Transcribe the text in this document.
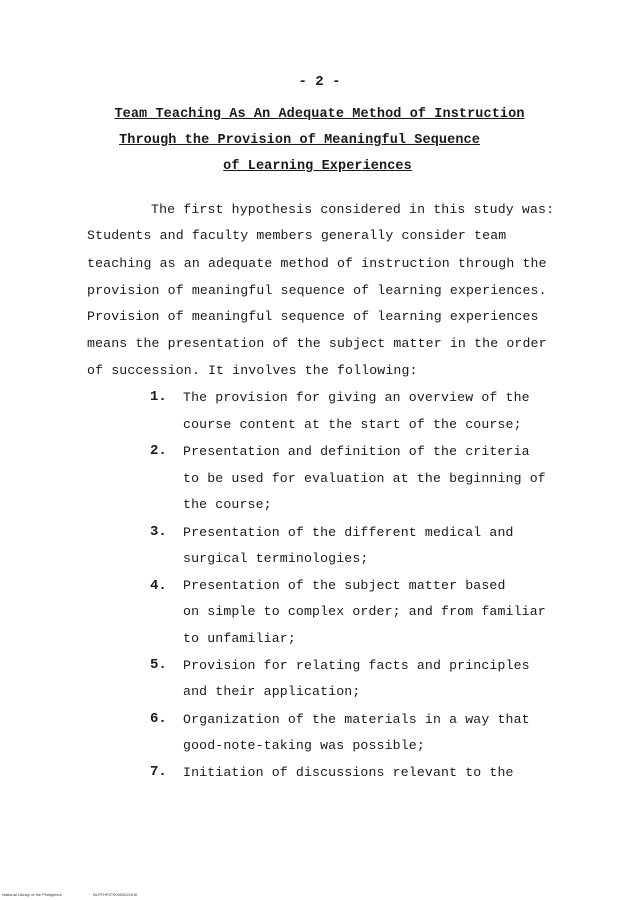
- 2 -
Team Teaching As An Adequate Method of Instruction
Through the Provision of Meaningful Sequence
of Learning Experiences
The first hypothesis considered in this study was:
Students and faculty members generally consider team
teaching as an adequate method of instruction through the
provision of meaningful sequence of learning experiences.
Provision of meaningful sequence of learning experiences
means the presentation of the subject matter in the order
of succession. It involves the following:
1. The provision for giving an overview of the
course content at the start of the course;
2. Presentation and definition of the criteria
to be used for evaluation at the beginning of
the course;
3. Presentation of the different medical and
surgical terminologies;
4. Presentation of the subject matter based
on simple to complex order; and from familiar
to unfamiliar;
5. Provision for relating facts and principles
and their application;
6. Organization of the materials in a way that
good-note-taking was possible;
7. Initiation of discussions relevant to the
National Library of the Philippines	NLPFHP2T000000219.tif
